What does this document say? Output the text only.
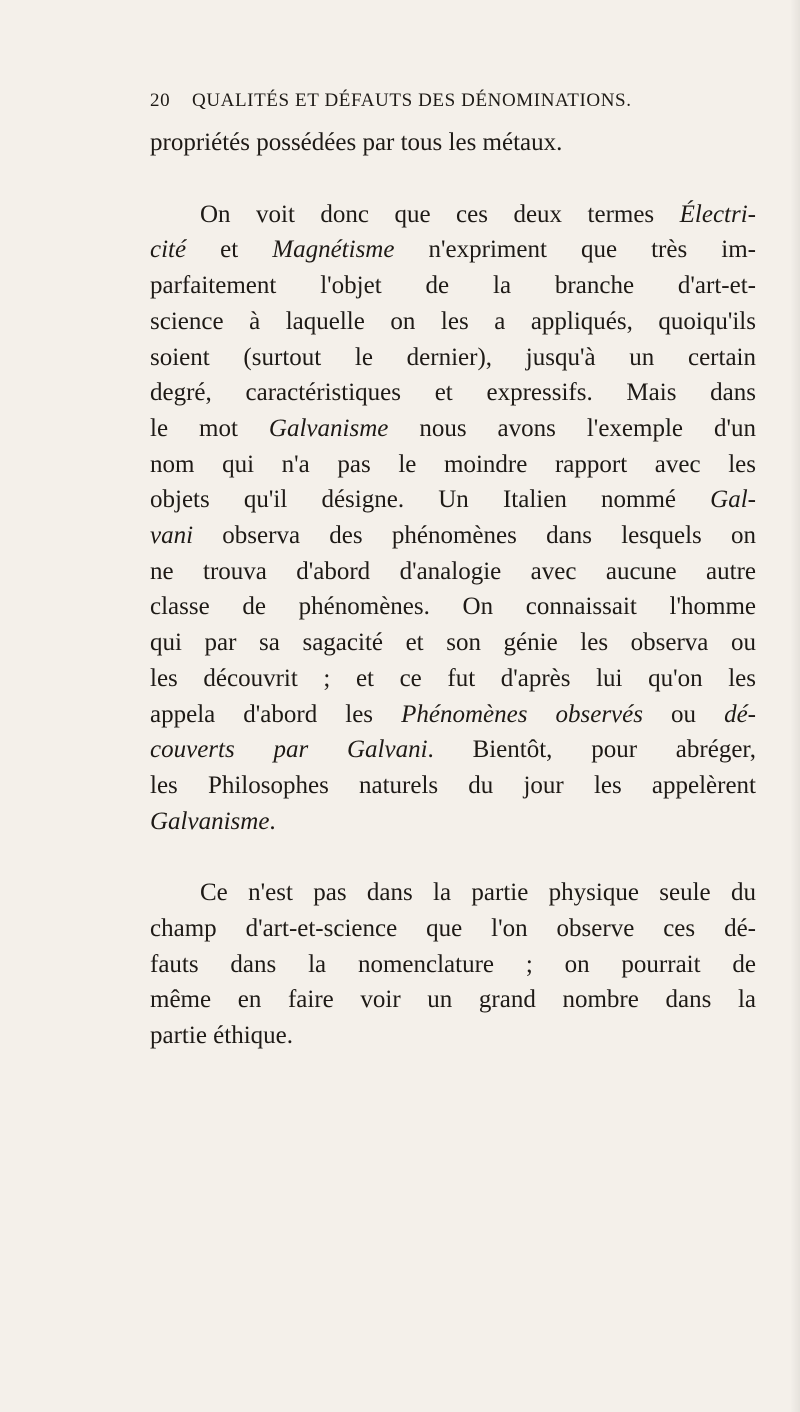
20	QUALITÉS ET DÉFAUTS DES DÉNOMINATIONS.
propriétés possédées par tous les métaux.
On voit donc que ces deux termes Électri-
cité et Magnétisme n'expriment que très im-
parfaitement l'objet de la branche d'art-et-
science à laquelle on les a appliqués, quoiqu'ils
soient (surtout le dernier), jusqu'à un certain
degré, caractéristiques et expressifs. Mais dans
le mot Galvanisme nous avons l'exemple d'un
nom qui n'a pas le moindre rapport avec les
objets qu'il désigne. Un Italien nommé Gal-
vani observa des phénomènes dans lesquels on
ne trouva d'abord d'analogie avec aucune autre
classe de phénomènes. On connaissait l'homme
qui par sa sagacité et son génie les observa ou
les découvrit ; et ce fut d'après lui qu'on les
appela d'abord les Phénomènes observés ou dé-
couverts par Galvani. Bientôt, pour abréger,
les Philosophes naturels du jour les appelèrent
Galvanisme.
Ce n'est pas dans la partie physique seule du
champ d'art-et-science que l'on observe ces dé-
fauts dans la nomenclature ; on pourrait de
même en faire voir un grand nombre dans la
partie éthique.
